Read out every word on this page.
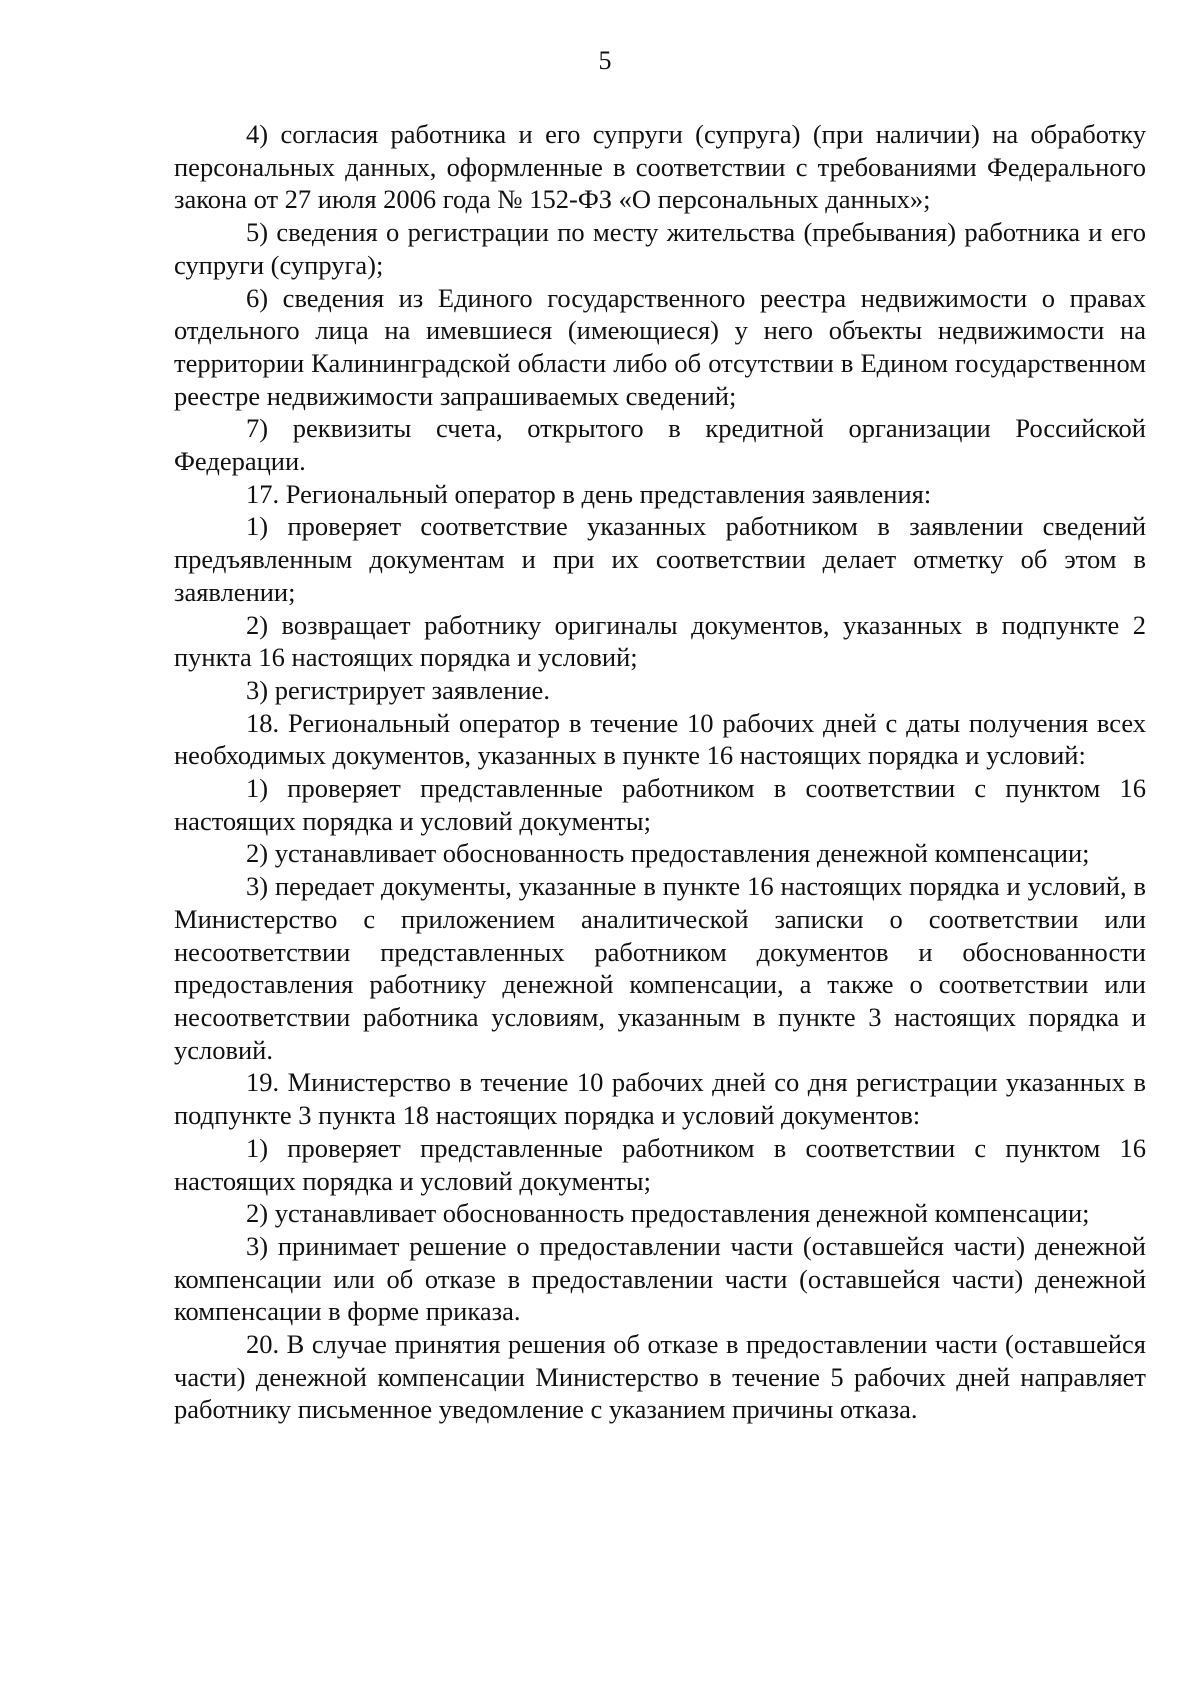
5

4) согласия работника и его супруги (супруга) (при наличии) на обработку персональных данных, оформленные в соответствии с требованиями Федерального закона от 27 июля 2006 года № 152-ФЗ «О персональных данных»;

5) сведения о регистрации по месту жительства (пребывания) работника и его супруги (супруга);

6) сведения из Единого государственного реестра недвижимости о правах отдельного лица на имевшиеся (имеющиеся) у него объекты недвижимости на территории Калининградской области либо об отсутствии в Едином государственном реестре недвижимости запрашиваемых сведений;

7) реквизиты счета, открытого в кредитной организации Российской Федерации.

17. Региональный оператор в день представления заявления:

1) проверяет соответствие указанных работником в заявлении сведений предъявленным документам и при их соответствии делает отметку об этом в заявлении;

2) возвращает работнику оригиналы документов, указанных в подпункте 2 пункта 16 настоящих порядка и условий;

3) регистрирует заявление.

18. Региональный оператор в течение 10 рабочих дней с даты получения всех необходимых документов, указанных в пункте 16 настоящих порядка и условий:

1) проверяет представленные работником в соответствии с пунктом 16 настоящих порядка и условий документы;

2) устанавливает обоснованность предоставления денежной компенсации;

3) передает документы, указанные в пункте 16 настоящих порядка и условий, в Министерство с приложением аналитической записки о соответствии или несоответствии представленных работником документов и обоснованности предоставления работнику денежной компенсации, а также о соответствии или несоответствии работника условиям, указанным в пункте 3 настоящих порядка и условий.

19. Министерство в течение 10 рабочих дней со дня регистрации указанных в подпункте 3 пункта 18 настоящих порядка и условий документов:

1) проверяет представленные работником в соответствии с пунктом 16 настоящих порядка и условий документы;

2) устанавливает обоснованность предоставления денежной компенсации;

3) принимает решение о предоставлении части (оставшейся части) денежной компенсации или об отказе в предоставлении части (оставшейся части) денежной компенсации в форме приказа.

20. В случае принятия решения об отказе в предоставлении части (оставшейся части) денежной компенсации Министерство в течение 5 рабочих дней направляет работнику письменное уведомление с указанием причины отказа.
